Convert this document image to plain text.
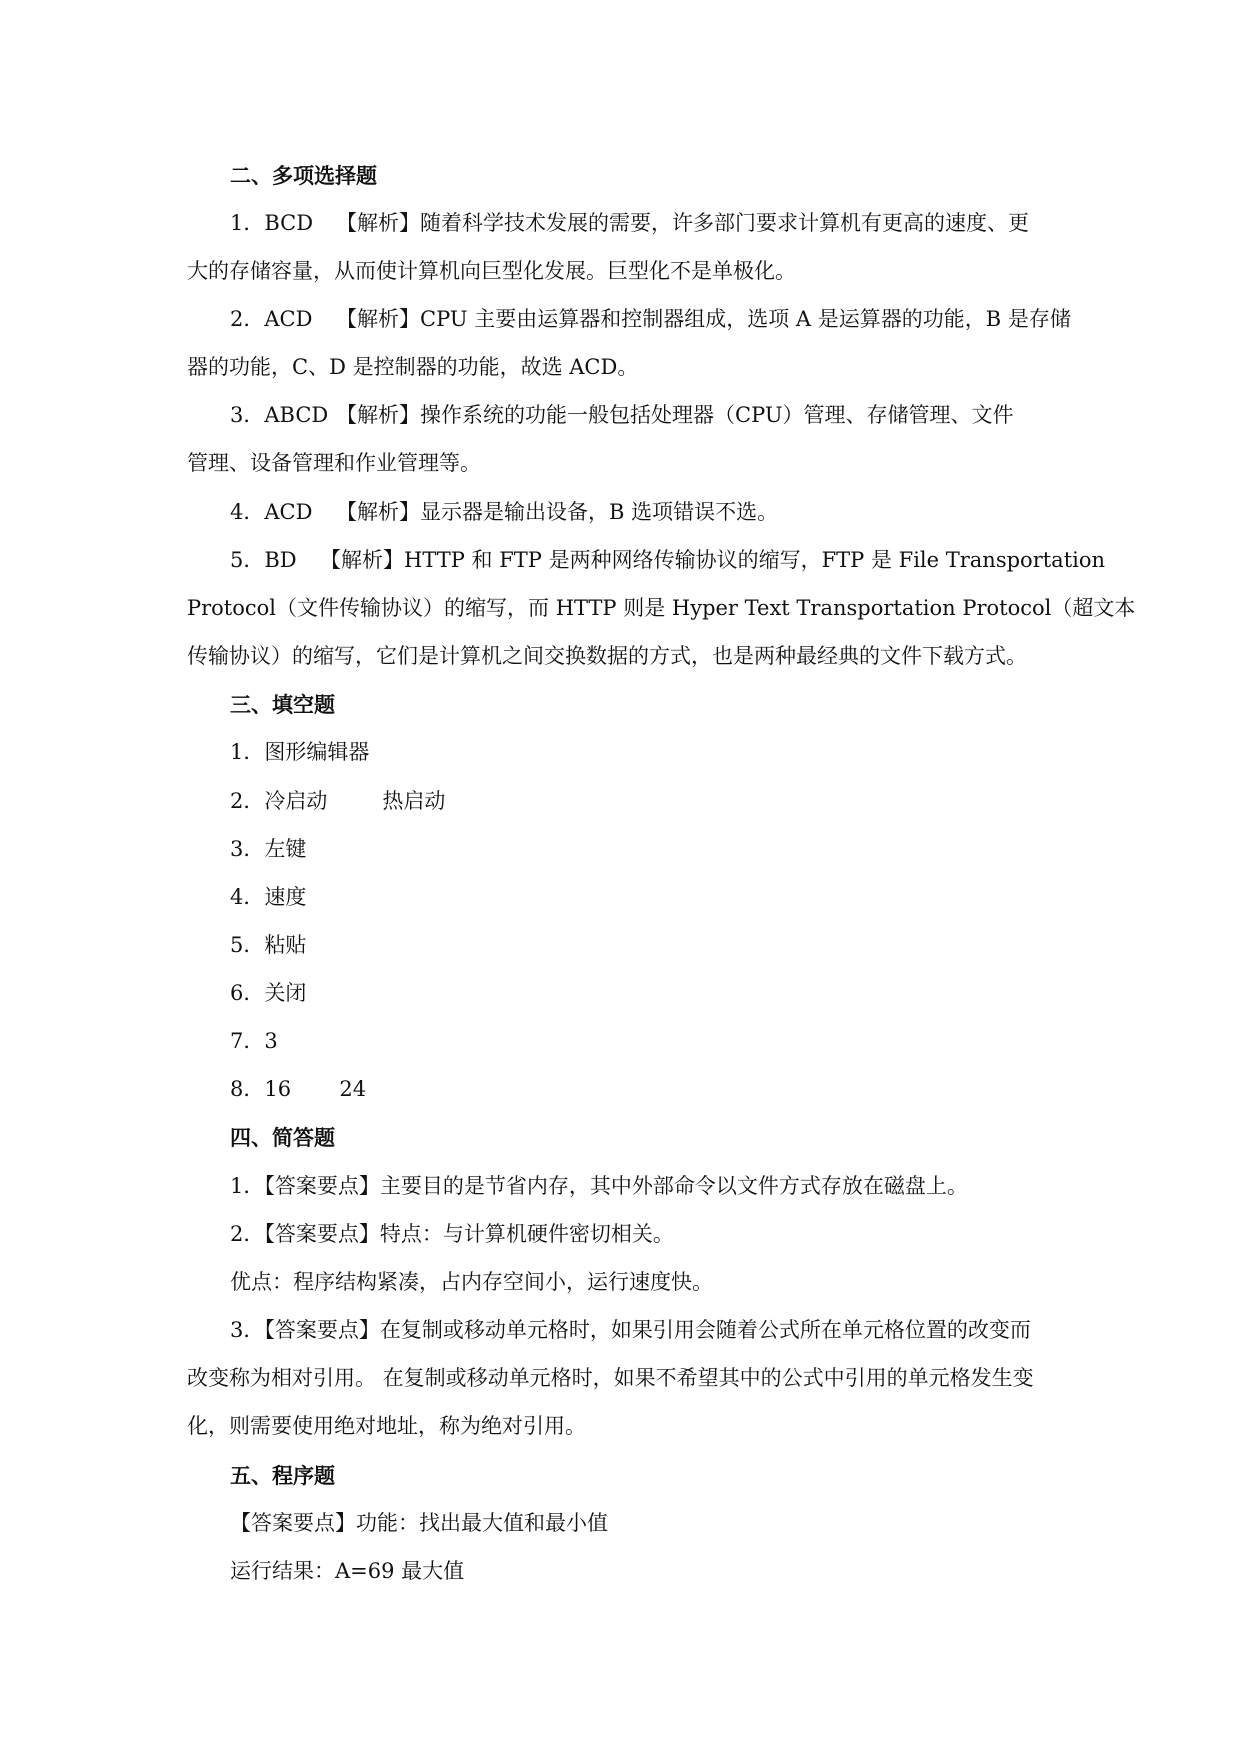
二、多项选择题
1．BCD 【解析】随着科学技术发展的需要，许多部门要求计算机有更高的速度、更
大的存储容量，从而使计算机向巨型化发展。巨型化不是单极化。
2．ACD 【解析】CPU 主要由运算器和控制器组成，选项 A 是运算器的功能，B 是存储
器的功能，C、D 是控制器的功能，故选 ACD。
3．ABCD 【解析】操作系统的功能一般包括处理器（CPU）管理、存储管理、文件
管理、设备管理和作业管理等。
4．ACD 【解析】显示器是输出设备，B 选项错误不选。
5．BD 【解析】HTTP 和 FTP 是两种网络传输协议的缩写，FTP 是 File Transportation
Protocol（文件传输协议）的缩写，而 HTTP 则是 Hyper Text Transportation Protocol（超文本
传输协议）的缩写，它们是计算机之间交换数据的方式，也是两种最经典的文件下载方式。
三、填空题
1．图形编辑器
2．冷启动	热启动
3．左键
4．速度
5．粘贴
6．关闭
7．3
8．16 24
四、简答题
1．【答案要点】主要目的是节省内存，其中外部命令以文件方式存放在磁盘上。
2．【答案要点】特点：与计算机硬件密切相关。
优点：程序结构紧凑，占内存空间小，运行速度快。
3．【答案要点】在复制或移动单元格时，如果引用会随着公式所在单元格位置的改变而
改变称为相对引用。 在复制或移动单元格时，如果不希望其中的公式中引用的单元格发生变
化，则需要使用绝对地址，称为绝对引用。
五、程序题
【答案要点】功能：找出最大值和最小值
运行结果：A=69 最大值
